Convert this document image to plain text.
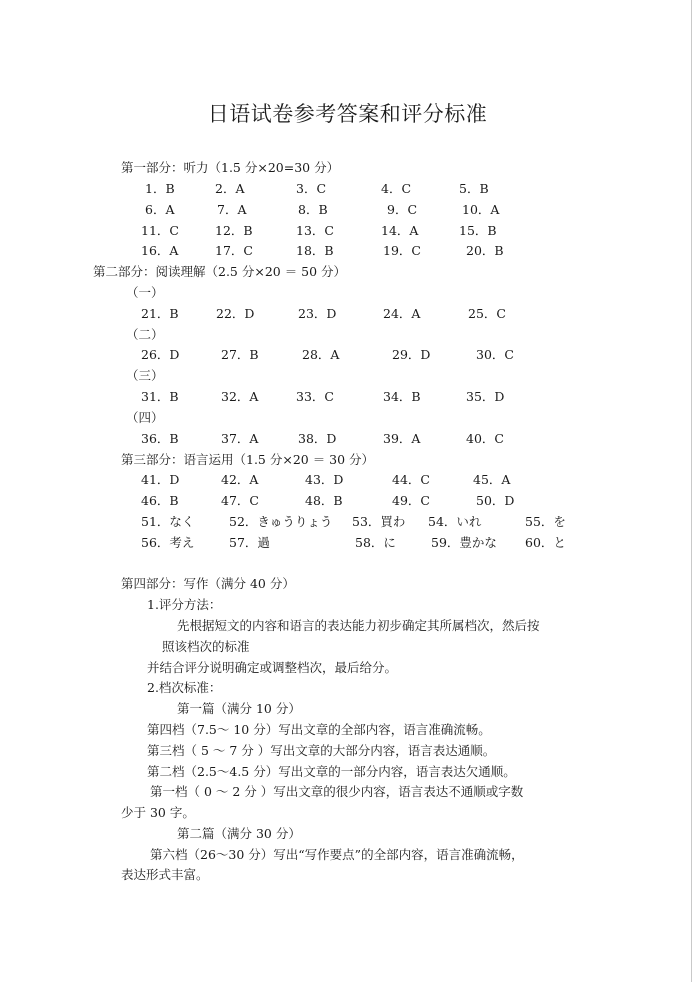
日语试卷参考答案和评分标准
第一部分：听力（1.5 分×20=30 分）
1．B	2．A	3．C	4．C	5．B
6．A	7．A	8．B	9．C	10．A
11．C	12．B	13．C	14．A	15．B
16．A	17．C	18．B	19．C	20．B
第二部分：阅读理解（2.5 分×20 ＝ 50 分）
（一）
21．B	22．D	23．D	24．A	25．C
（二）
26．D	27．B	28．A	29．D	30．C
（三）
31．B	32．A	33．C	34．B	35．D
（四）
36．B	37．A	38．D	39．A	40．C
第三部分：语言运用（1.5 分×20 ＝ 30 分）
41．D	42．A	43．D	44．C	45．A
46．B	47．C	48．B	49．C	50．D
51．なく	52．きゅうりょう 53．買わ 54．いれ	55．を
56．考え	57．過	58．に	59．豊かな 60．と
第四部分：写作（满分 40 分）
1.评分方法：
先根据短文的内容和语言的表达能力初步确定其所属档次，然后按
照该档次的标准
并结合评分说明确定或调整档次，最后给分。
2.档次标准：
第一篇（满分 10 分）
第四档（7.5～ 10 分）写出文章的全部内容，语言准确流畅。
第三档（ 5 ～ 7 分 ）写出文章的大部分内容，语言表达通顺。
第二档（2.5～4.5 分）写出文章的一部分内容，语言表达欠通顺。
第一档（ 0 ～ 2 分 ）写出文章的很少内容，语言表达不通顺或字数
少于 30 字。
第二篇（满分 30 分）
第六档（26～30 分）写出“写作要点”的全部内容，语言准确流畅，
表达形式丰富。
